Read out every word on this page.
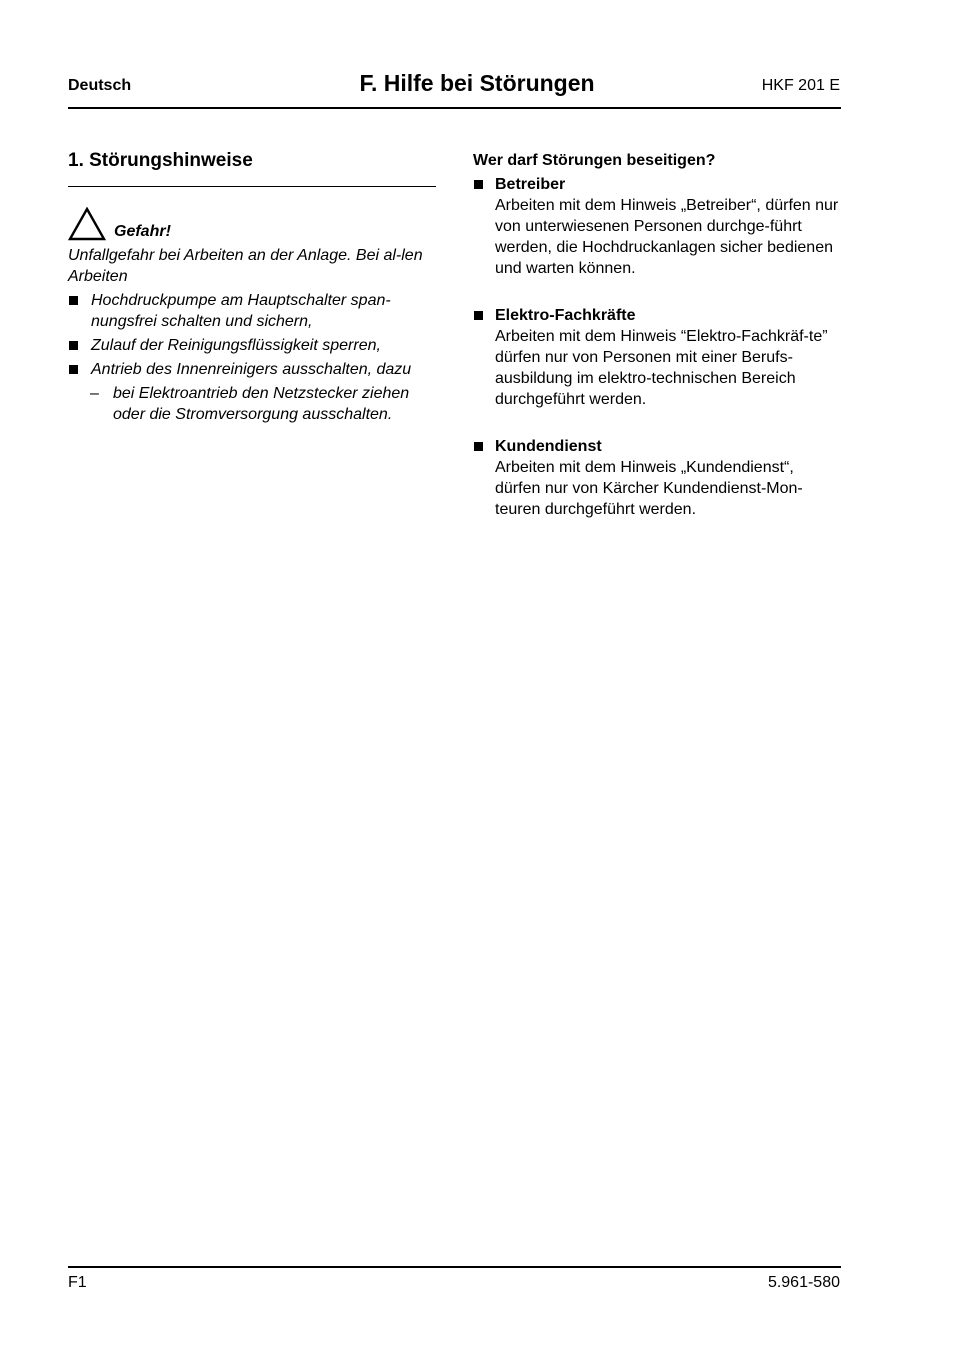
Deutsch	F. Hilfe bei Störungen	HKF 201 E
1. Störungshinweise
Gefahr!
Unfallgefahr bei Arbeiten an der Anlage. Bei al-len Arbeiten
Hochdruckpumpe am Hauptschalter span-nungsfrei schalten und sichern,
Zulauf der Reinigungsflüssigkeit sperren,
Antrieb des Innenreinigers ausschalten, dazu
– bei Elektroantrieb den Netzstecker ziehen oder die Stromversorgung ausschalten.
Wer darf Störungen beseitigen?
Betreiber
Arbeiten mit dem Hinweis „Betreiber“, dürfen nur von unterwiesenen Personen durchge-führt werden, die Hochdruckanlagen sicher bedienen und warten können.
Elektro-Fachkräfte
Arbeiten mit dem Hinweis “Elektro-Fachkräf-te” dürfen nur von Personen mit einer Berufs-ausbildung im elektro-technischen Bereich durchgeführt werden.
Kundendienst
Arbeiten mit dem Hinweis „Kundendienst“, dürfen nur von Kärcher Kundendienst-Mon-teuren durchgeführt werden.
F1	5.961-580
